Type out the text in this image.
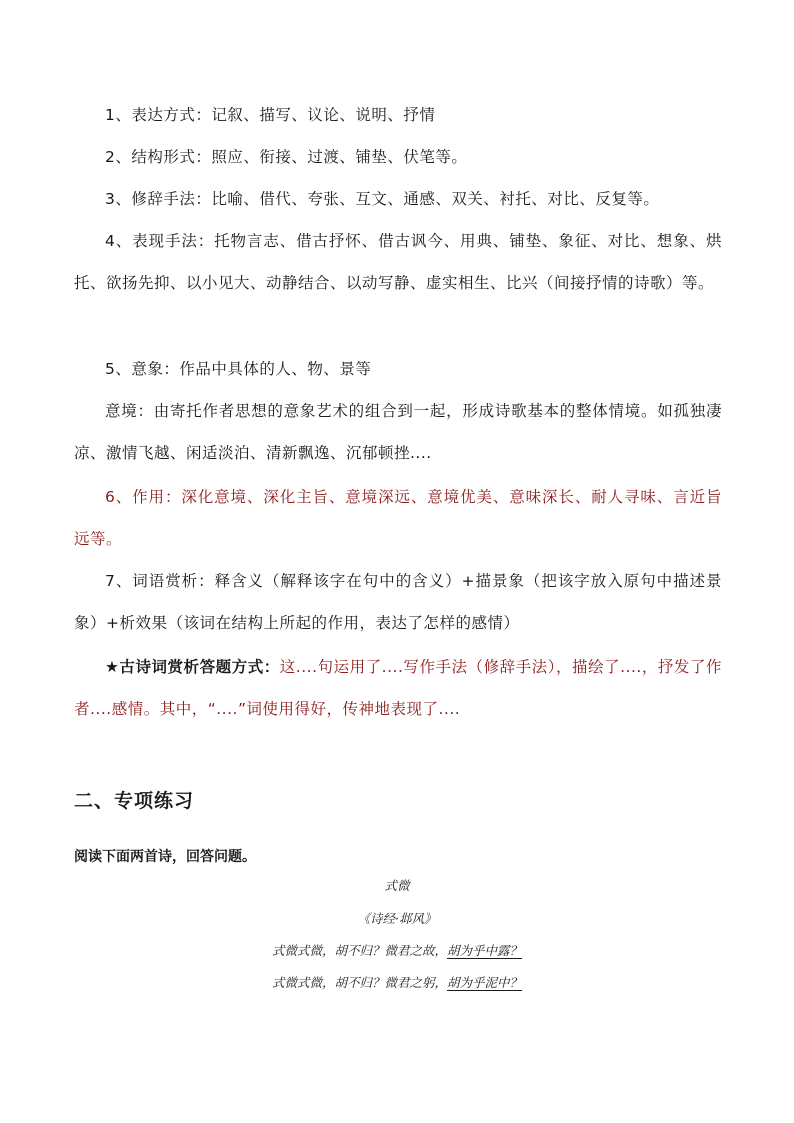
1、表达方式：记叙、描写、议论、说明、抒情
2、结构形式：照应、衔接、过渡、铺垫、伏笔等。
3、修辞手法：比喻、借代、夸张、互文、通感、双关、衬托、对比、反复等。
4、表现手法：托物言志、借古抒怀、借古讽今、用典、铺垫、象征、对比、想象、烘托、欲扬先抑、以小见大、动静结合、以动写静、虚实相生、比兴（间接抒情的诗歌）等。
5、意象：作品中具体的人、物、景等
意境：由寄托作者思想的意象艺术的组合到一起，形成诗歌基本的整体情境。如孤独凄凉、激情飞越、闲适淡泊、清新飘逸、沉郁顿挫....
6、作用：深化意境、深化主旨、意境深远、意境优美、意味深长、耐人寻味、言近旨远等。
7、词语赏析：释含义（解释该字在句中的含义）+描景象（把该字放入原句中描述景象）+析效果（该词在结构上所起的作用，表达了怎样的感情）
★古诗词赏析答题方式：这....句运用了....写作手法（修辞手法），描绘了....，抒发了作者....感情。其中，“....”词使用得好，传神地表现了....
二、专项练习
阅读下面两首诗，回答问题。
式微
《诗经·邶风》
式微式微，胡不归？微君之故，胡为乎中露？
式微式微，胡不归？微君之躬，胡为乎泥中？
